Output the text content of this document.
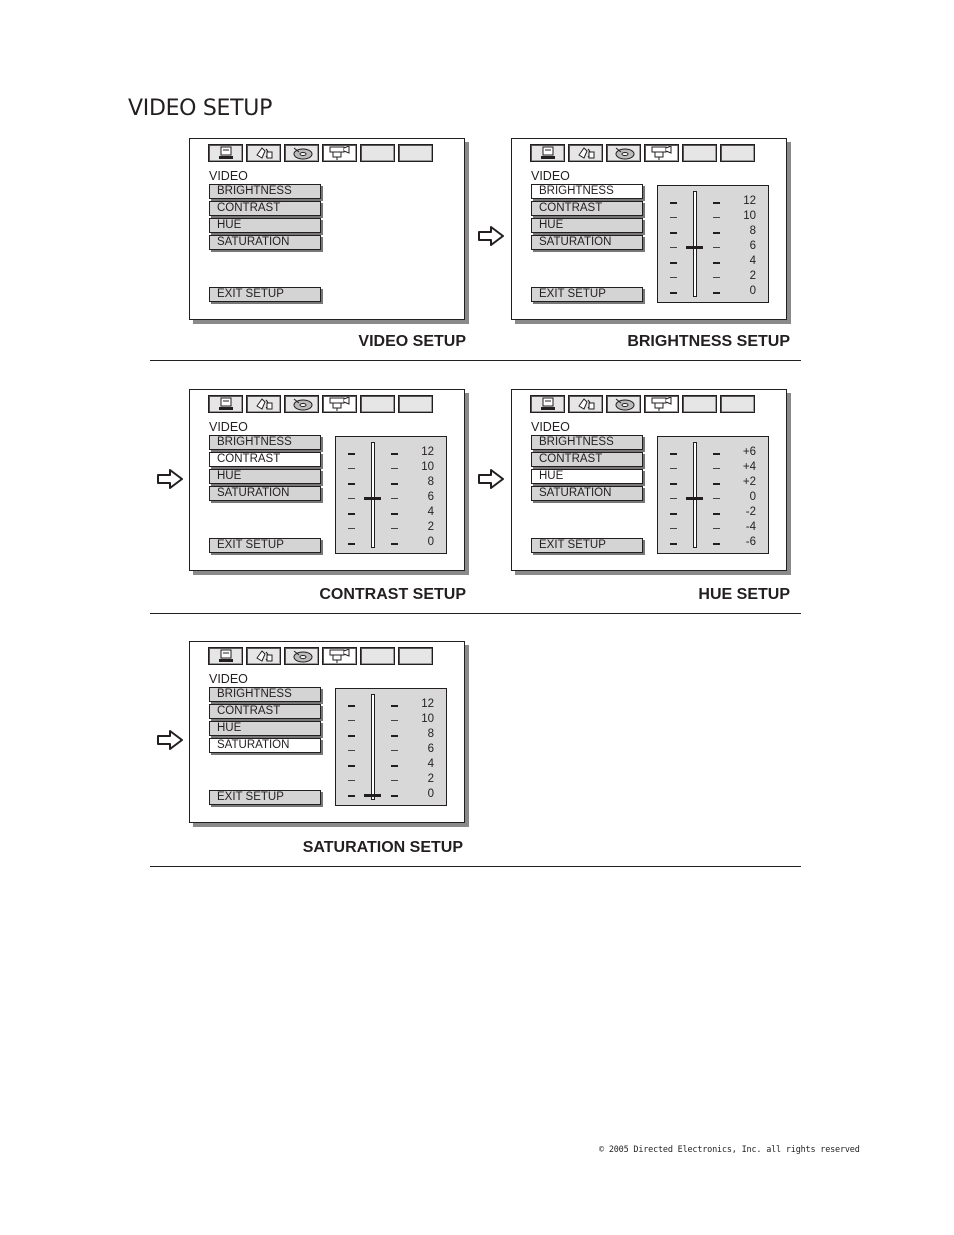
VIDEO SETUP
VIDEO
BRIGHTNESS
CONTRAST
HUE
SATURATION
EXIT SETUP
VIDEO SETUP
VIDEO
BRIGHTNESS
CONTRAST
HUE
SATURATION
EXIT SETUP
12
10
8
6
4
2
0
BRIGHTNESS SETUP
VIDEO
BRIGHTNESS
CONTRAST
HUE
SATURATION
EXIT SETUP
12
10
8
6
4
2
0
CONTRAST SETUP
VIDEO
BRIGHTNESS
CONTRAST
HUE
SATURATION
EXIT SETUP
+6
+4
+2
0
-2
-4
-6
HUE SETUP
VIDEO
BRIGHTNESS
CONTRAST
HUE
SATURATION
EXIT SETUP
12
10
8
6
4
2
0
SATURATION SETUP
© 2005 Directed Electronics, Inc. all rights reserved
